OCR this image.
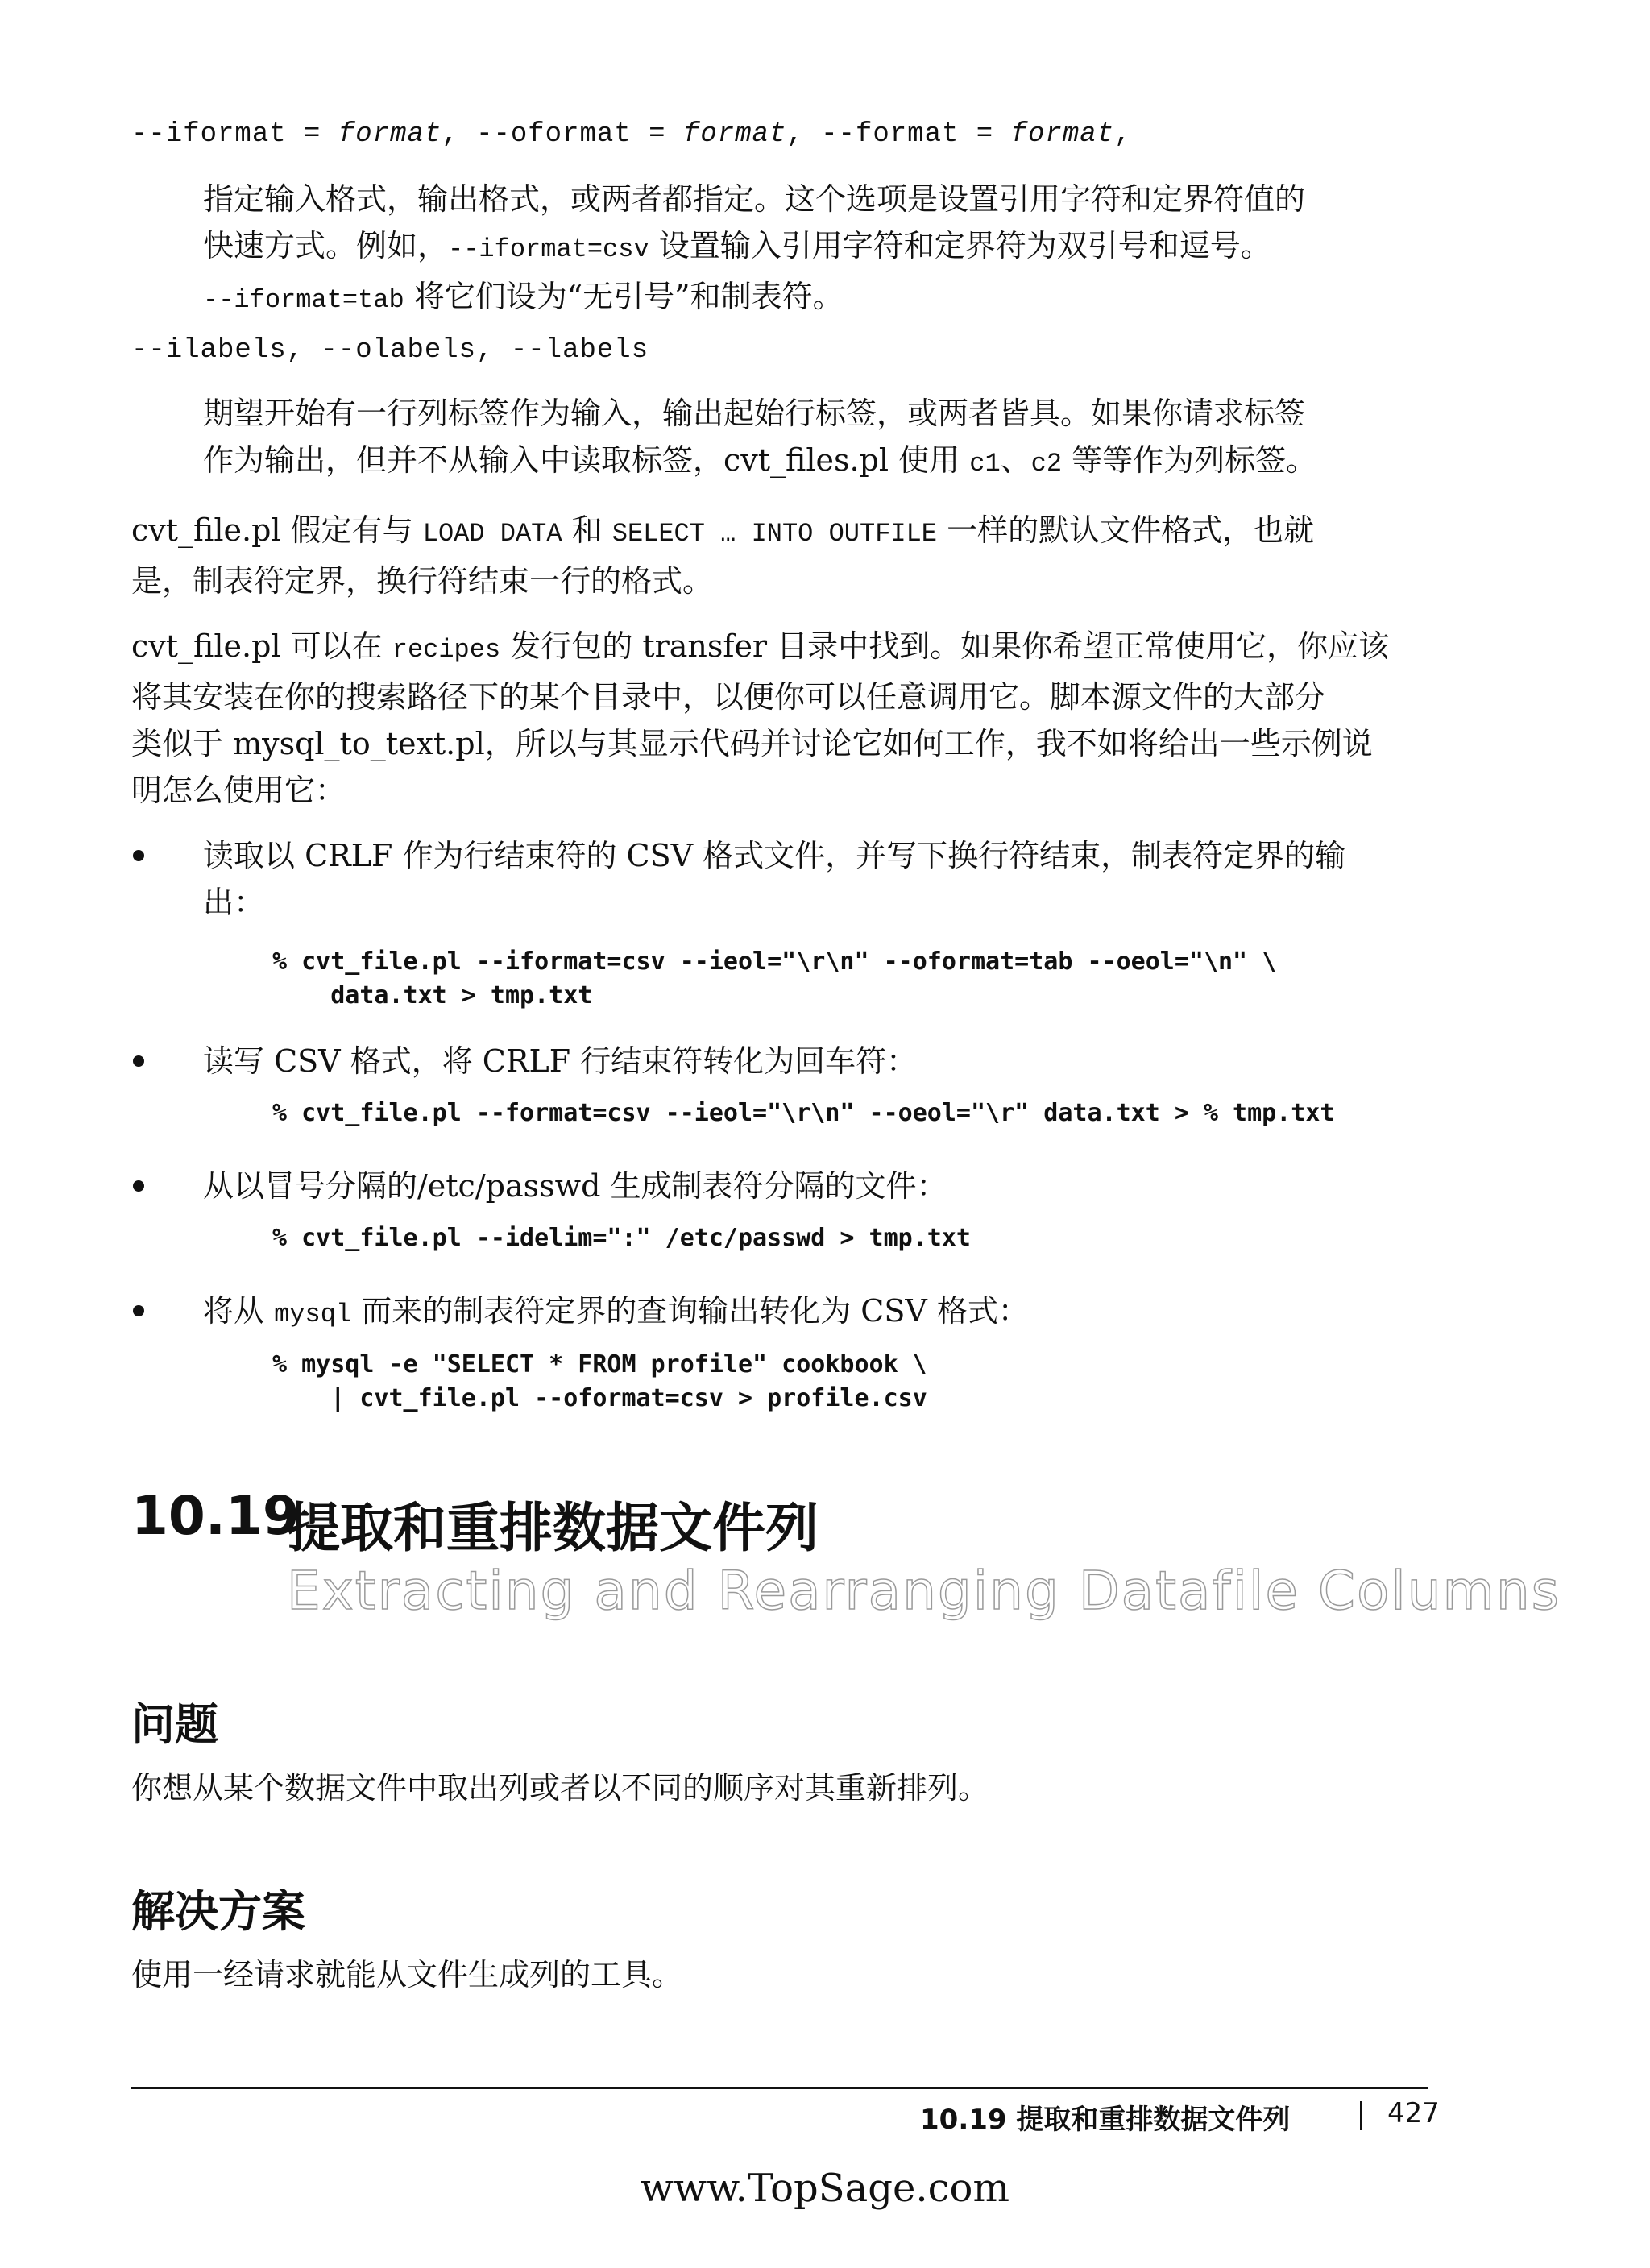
--iformat = format, --oformat = format, --format = format,
指定输入格式，输出格式，或两者都指定。这个选项是设置引用字符和定界符值的
快速方式。例如，--iformat=csv 设置输入引用字符和定界符为双引号和逗号。
--iformat=tab 将它们设为“无引号”和制表符。
--ilabels, --olabels, --labels
期望开始有一行列标签作为输入，输出起始行标签，或两者皆具。如果你请求标签
作为输出，但并不从输入中读取标签，cvt_files.pl 使用 c1、c2 等等作为列标签。
cvt_file.pl 假定有与 LOAD DATA 和 SELECT … INTO OUTFILE 一样的默认文件格式，也就
是，制表符定界，换行符结束一行的格式。
cvt_file.pl 可以在 recipes 发行包的 transfer 目录中找到。如果你希望正常使用它，你应该
将其安装在你的搜索路径下的某个目录中，以便你可以任意调用它。脚本源文件的大部分
类似于 mysql_to_text.pl，所以与其显示代码并讨论它如何工作，我不如将给出一些示例说
明怎么使用它：
读取以 CRLF 作为行结束符的 CSV 格式文件，并写下换行符结束，制表符定界的输
出：
% cvt_file.pl --iformat=csv --ieol="\r\n" --oformat=tab --oeol="\n" \
data.txt > tmp.txt
读写 CSV 格式，将 CRLF 行结束符转化为回车符：
% cvt_file.pl --format=csv --ieol="\r\n" --oeol="\r" data.txt > % tmp.txt
从以冒号分隔的/etc/passwd 生成制表符分隔的文件：
% cvt_file.pl --idelim=":" /etc/passwd > tmp.txt
将从 mysql 而来的制表符定界的查询输出转化为 CSV 格式：
% mysql -e "SELECT * FROM profile" cookbook \
| cvt_file.pl --oformat=csv > profile.csv
10.19
提取和重排数据文件列
Extracting and Rearranging Datafile Columns
问题
你想从某个数据文件中取出列或者以不同的顺序对其重新排列。
解决方案
使用一经请求就能从文件生成列的工具。
10.19 提取和重排数据文件列	427
www.TopSage.com
